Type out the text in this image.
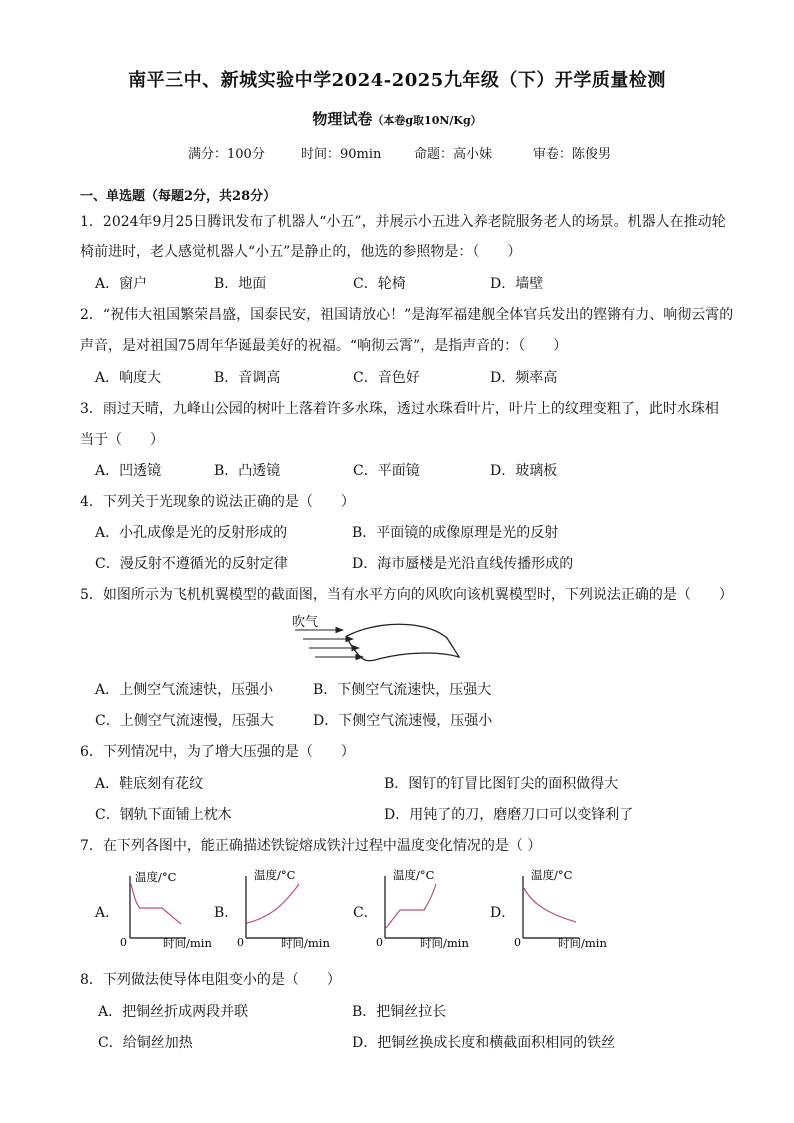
南平三中、新城实验中学2024-2025九年级（下）开学质量检测
物理试卷（本卷g取10N/Kg）
满分：100分	时间：90min	命题：高小妹	审卷：陈俊男
一、单选题（每题2分，共28分）
1．2024年9月25日腾讯发布了机器人“小五”，并展示小五进入养老院服务老人的场景。机器人在推动轮
椅前进时，老人感觉机器人“小五”是静止的，他选的参照物是：（　　）
A．窗户	B．地面	C．轮椅	D．墙壁
2．“祝伟大祖国繁荣昌盛，国泰民安，祖国请放心！”是海军福建舰全体官兵发出的铿锵有力、响彻云霄的
声音，是对祖国75周年华诞最美好的祝福。“响彻云霄”，是指声音的：（　　）
A．响度大	B．音调高	C．音色好	D．频率高
3．雨过天晴，九峰山公园的树叶上落着许多水珠，透过水珠看叶片，叶片上的纹理变粗了，此时水珠相
当于（　　）
A．凹透镜	B．凸透镜	C．平面镜	D．玻璃板
4．下列关于光现象的说法正确的是（　　）
A．小孔成像是光的反射形成的	B．平面镜的成像原理是光的反射
C．漫反射不遵循光的反射定律	D．海市蜃楼是光沿直线传播形成的
5．如图所示为飞机机翼模型的截面图，当有水平方向的风吹向该机翼模型时，下列说法正确的是（　　）
吹气
A．上侧空气流速快，压强小	B．下侧空气流速快，压强大
C．上侧空气流速慢，压强大	D．下侧空气流速慢，压强小
6．下列情况中，为了增大压强的是（　　）
A．鞋底刻有花纹	B．图钉的钉冒比图钉尖的面积做得大
C．钢轨下面铺上枕木	D．用钝了的刀，磨磨刀口可以变锋利了
7．在下列各图中，能正确描述铁锭熔成铁汁过程中温度变化情况的是（ ）
A．	B．	C．	D．
温度/°C
0	时间/min
温度/°C
0	时间/min
温度/°C
0	时间/min
温度/°C
0	时间/min
8．下列做法使导体电阻变小的是（　　）
A．把铜丝折成两段并联	B．把铜丝拉长
C．给铜丝加热	D．把铜丝换成长度和横截面积相同的铁丝
